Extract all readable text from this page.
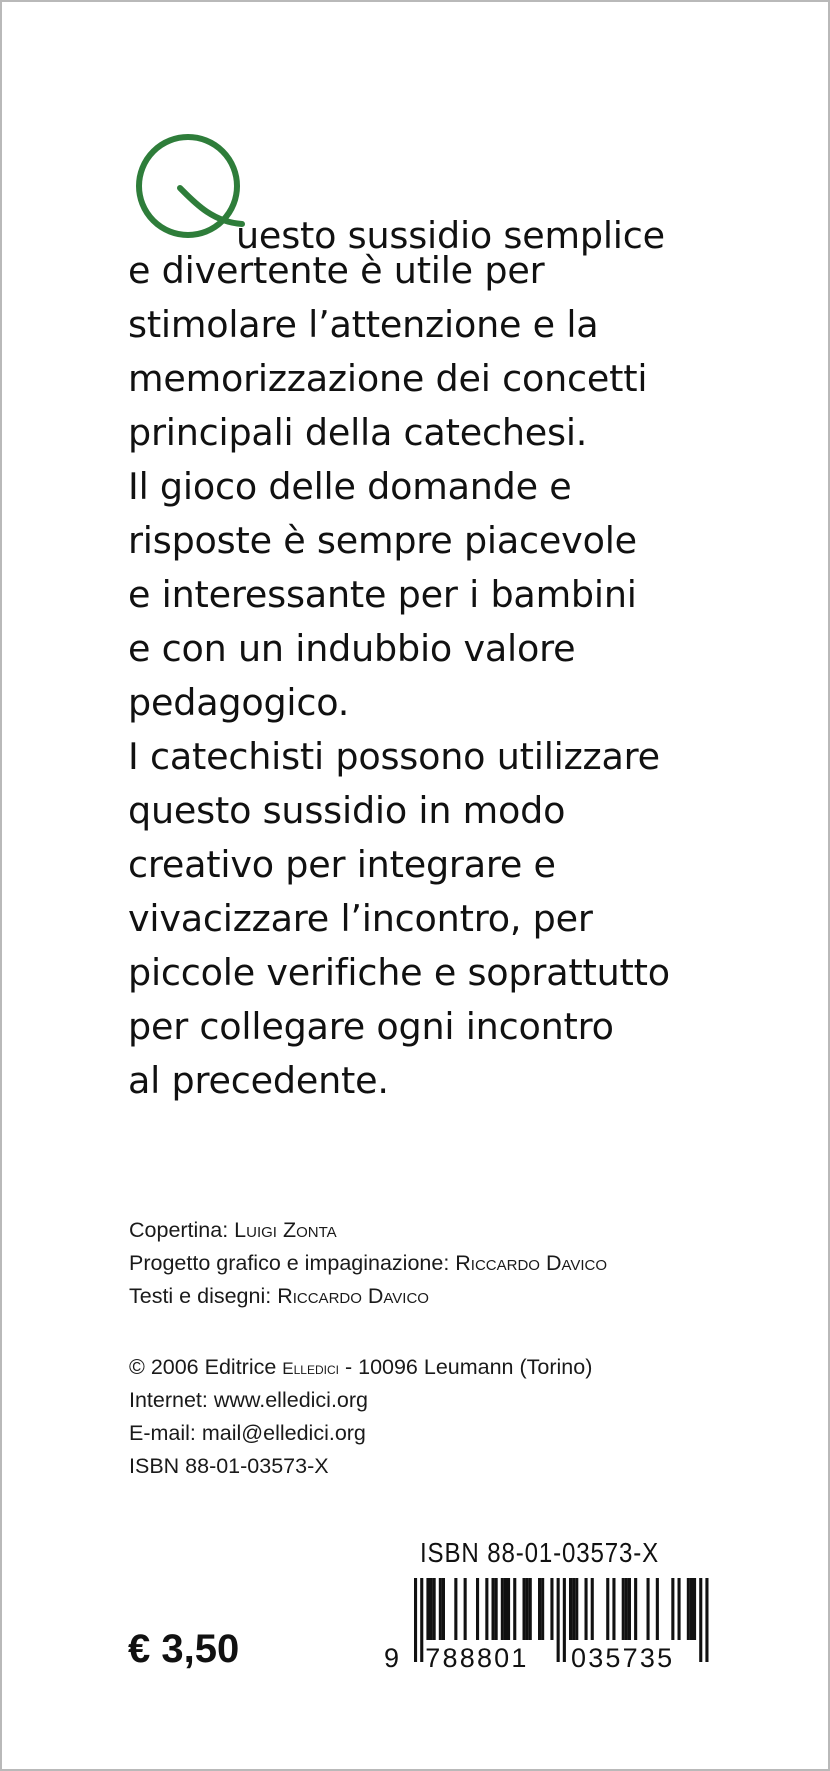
uesto sussidio semplice
e divertente è utile per
stimolare l’attenzione e la
memorizzazione dei concetti
principali della catechesi.
Il gioco delle domande e
risposte è sempre piacevole
e interessante per i bambini
e con un indubbio valore
pedagogico.
I catechisti possono utilizzare
questo sussidio in modo
creativo per integrare e
vivacizzare l’incontro, per
piccole verifiche e soprattutto
per collegare ogni incontro
al precedente.
Copertina: Luigi Zonta
Progetto grafico e impaginazione: Riccardo Davico
Testi e disegni: Riccardo Davico
© 2006 Editrice Elledici - 10096 Leumann (Torino)
Internet: www.elledici.org
E-mail: mail@elledici.org
ISBN 88-01-03573-X
€ 3,50
ISBN 88-01-03573-X
9 788801 035735
